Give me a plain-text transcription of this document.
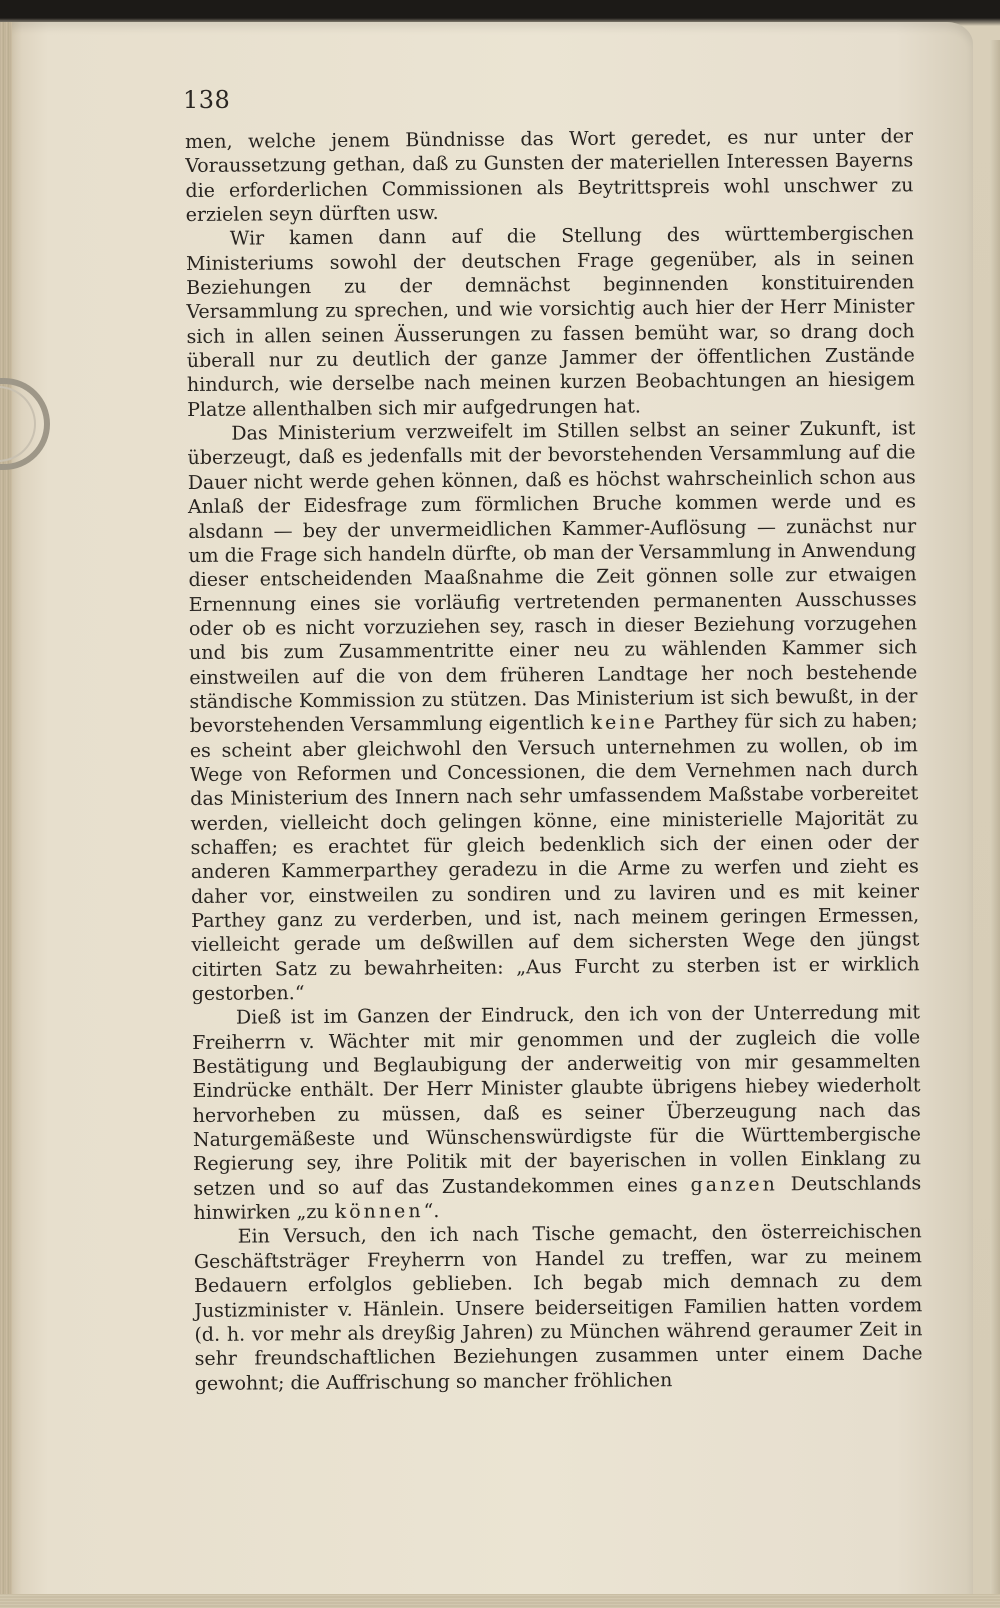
138

men, welche jenem Bündnisse das Wort geredet, es nur unter der Voraussetzung gethan, daß zu Gunsten der materiellen Interessen Bayerns die erforderlichen Commissionen als Beytrittspreis wohl unschwer zu erzielen seyn dürften usw.

Wir kamen dann auf die Stellung des württembergischen Ministeriums sowohl der deutschen Frage gegenüber, als in seinen Beziehungen zu der demnächst beginnenden konstituirenden Versammlung zu sprechen, und wie vorsichtig auch hier der Herr Minister sich in allen seinen Äusserungen zu fassen bemüht war, so drang doch überall nur zu deutlich der ganze Jammer der öffentlichen Zustände hindurch, wie derselbe nach meinen kurzen Beobachtungen an hiesigem Platze allenthalben sich mir aufgedrungen hat.

Das Ministerium verzweifelt im Stillen selbst an seiner Zukunft, ist überzeugt, daß es jedenfalls mit der bevorstehenden Versammlung auf die Dauer nicht werde gehen können, daß es höchst wahrscheinlich schon aus Anlaß der Eidesfrage zum förmlichen Bruche kommen werde und es alsdann — bey der unvermeidlichen Kammer-Auflösung — zunächst nur um die Frage sich handeln dürfte, ob man der Versammlung in Anwendung dieser entscheidenden Maaßnahme die Zeit gönnen solle zur etwaigen Ernennung eines sie vorläufig vertretenden permanenten Ausschusses oder ob es nicht vorzuziehen sey, rasch in dieser Beziehung vorzugehen und bis zum Zusammentritte einer neu zu wählenden Kammer sich einstweilen auf die von dem früheren Landtage her noch bestehende ständische Kommission zu stützen. Das Ministerium ist sich bewußt, in der bevorstehenden Versammlung eigentlich keine Parthey für sich zu haben; es scheint aber gleichwohl den Versuch unternehmen zu wollen, ob im Wege von Reformen und Concessionen, die dem Vernehmen nach durch das Ministerium des Innern nach sehr umfassendem Maßstabe vorbereitet werden, vielleicht doch gelingen könne, eine ministerielle Majorität zu schaffen; es erachtet für gleich bedenklich sich der einen oder der anderen Kammerparthey geradezu in die Arme zu werfen und zieht es daher vor, einstweilen zu sondiren und zu laviren und es mit keiner Parthey ganz zu verderben, und ist, nach meinem geringen Ermessen, vielleicht gerade um deßwillen auf dem sichersten Wege den jüngst citirten Satz zu bewahrheiten: „Aus Furcht zu sterben ist er wirklich gestorben.“

Dieß ist im Ganzen der Eindruck, den ich von der Unterredung mit Freiherrn v. Wächter mit mir genommen und der zugleich die volle Bestätigung und Beglaubigung der anderweitig von mir gesammelten Eindrücke enthält. Der Herr Minister glaubte übrigens hiebey wiederholt hervorheben zu müssen, daß es seiner Überzeugung nach das Naturgemäßeste und Wünschenswürdigste für die Württembergische Regierung sey, ihre Politik mit der bayerischen in vollen Einklang zu setzen und so auf das Zustandekommen eines ganzen Deutschlands hinwirken „zu können“.

Ein Versuch, den ich nach Tische gemacht, den österreichischen Geschäftsträger Freyherrn von Handel zu treffen, war zu meinem Bedauern erfolglos geblieben. Ich begab mich demnach zu dem Justizminister v. Hänlein. Unsere beiderseitigen Familien hatten vordem (d. h. vor mehr als dreyßig Jahren) zu München während geraumer Zeit in sehr freundschaftlichen Beziehungen zusammen unter einem Dache gewohnt; die Auffrischung so mancher fröhlichen
